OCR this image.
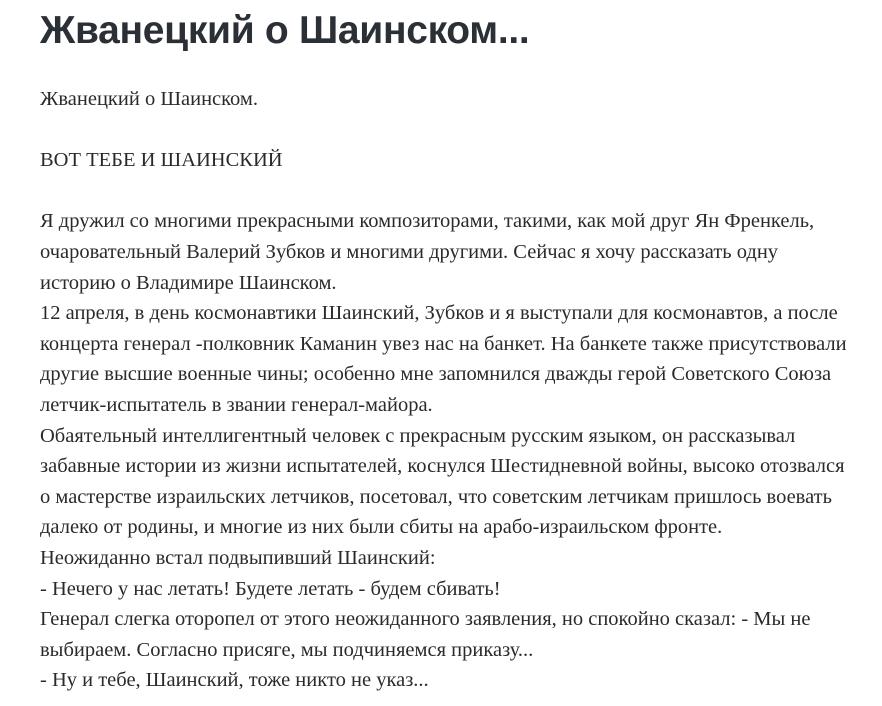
Жванецкий о Шаинском...

Жванецкий о Шаинском.

ВОТ ТЕБЕ И ШАИНСКИЙ

Я дружил со многими прекрасными композиторами, такими, как мой друг Ян Френкель, очаровательный Валерий Зубков и многими другими. Сейчас я хочу рассказать одну историю о Владимире Шаинском.

12 апреля, в день космонавтики Шаинский, Зубков и я выступали для космонавтов, а после концерта генерал -полковник Каманин увез нас на банкет. На банкете также присутствовали другие высшие военные чины; особенно мне запомнился дважды герой Советского Союза летчик-испытатель в звании генерал-майора.

Обаятельный интеллигентный человек с прекрасным русским языком, он рассказывал забавные истории из жизни испытателей, коснулся Шестидневной войны, высоко отозвался о мастерстве израильских летчиков, посетовал, что советским летчикам пришлось воевать далеко от родины, и многие из них были сбиты на арабо-израильском фронте.

Неожиданно встал подвыпивший Шаинский:

- Нечего у нас летать! Будете летать - будем сбивать!

Генерал слегка оторопел от этого неожиданного заявления, но спокойно сказал: - Мы не выбираем. Согласно присяге, мы подчиняемся приказу...

- Ну и тебе, Шаинский, тоже никто не указ...
